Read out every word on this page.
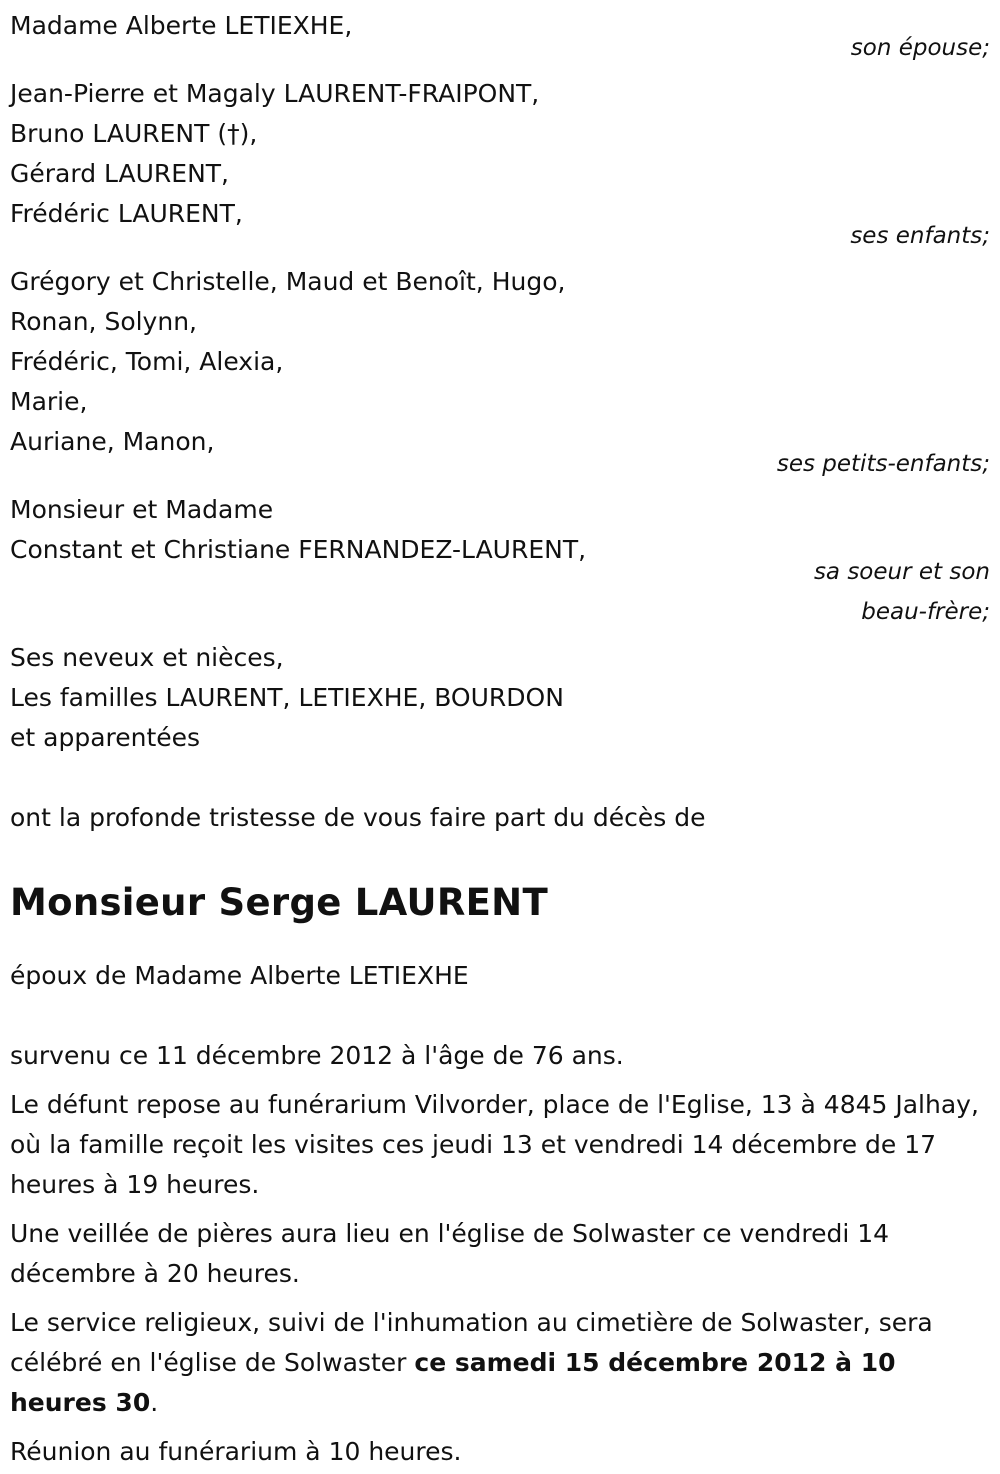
Madame Alberte LETIEXHE,
son épouse;
Jean-Pierre et Magaly LAURENT-FRAIPONT,
Bruno LAURENT (†),
Gérard LAURENT,
Frédéric LAURENT,
ses enfants;
Grégory et Christelle, Maud et Benoît, Hugo,
Ronan, Solynn,
Frédéric, Tomi, Alexia,
Marie,
Auriane, Manon,
ses petits-enfants;
Monsieur et Madame
Constant et Christiane FERNANDEZ-LAURENT,
sa soeur et son
beau-frère;
Ses neveux et nièces,
Les familles LAURENT, LETIEXHE, BOURDON
et apparentées
ont la profonde tristesse de vous faire part du décès de
Monsieur Serge LAURENT
époux de Madame Alberte LETIEXHE
survenu ce 11 décembre 2012 à l'âge de 76 ans.
Le défunt repose au funérarium Vilvorder, place de l'Eglise, 13 à 4845 Jalhay, où la famille reçoit les visites ces jeudi 13 et vendredi 14 décembre de 17 heures à 19 heures.
Une veillée de pières aura lieu en l'église de Solwaster ce vendredi 14 décembre à 20 heures.
Le service religieux, suivi de l'inhumation au cimetière de Solwaster, sera célébré en l'église de Solwaster ce samedi 15 décembre 2012 à 10 heures 30.
Réunion au funérarium à 10 heures.
